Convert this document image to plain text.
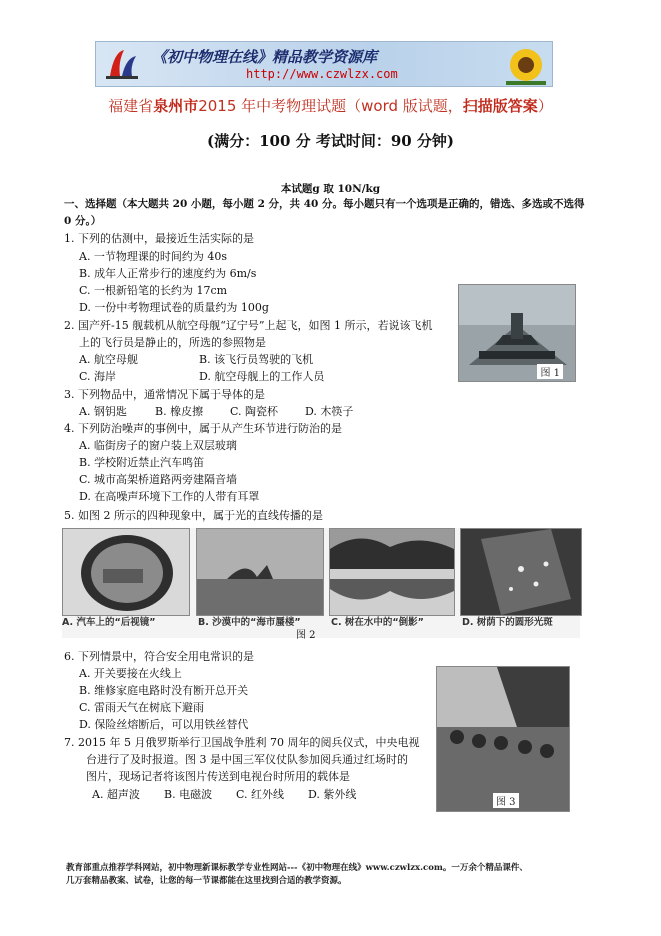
《初中物理在线》精品教学资源库
http://www.czwlzx.com
福建省泉州市2015 年中考物理试题（word 版试题，扫描版答案）
(满分：100 分 考试时间：90 分钟)
本试题g 取 10N/kg
一、选择题（本大题共 20 小题，每小题 2 分，共 40 分。每小题只有一个选项是正确的，错选、多选或不选得 0 分。）
1. 下列的估测中，最接近生活实际的是
A. 一节物理课的时间约为 40s
B. 成年人正常步行的速度约为 6m/s
C. 一根新铅笔的长约为 17cm
D. 一份中考物理试卷的质量约为 100g
2. 国产歼-15 舰载机从航空母舰“辽宁号”上起飞，如图 1 所示，若说该飞机
上的飞行员是静止的，所选的参照物是
A. 航空母舰	B. 该飞行员驾驶的飞机
C. 海岸	D. 航空母舰上的工作人员	图 1
3. 下列物品中，通常情况下属于导体的是
A. 钢钥匙	B. 橡皮擦 C. 陶瓷杯 D. 木筷子
4. 下列防治噪声的事例中，属于从产生环节进行防治的是
A. 临街房子的窗户装上双层玻璃
B. 学校附近禁止汽车鸣笛
C. 城市高架桥道路两旁建隔音墙
D. 在高噪声环境下工作的人带有耳罩
5. 如图 2 所示的四种现象中，属于光的直线传播的是
A. 汽车上的“后视镜”	B. 沙漠中的“海市蜃楼”	C. 树在水中的“倒影”	D. 树荫下的圆形光斑
图 2
6. 下列情景中，符合安全用电常识的是
A. 开关要接在火线上
B. 维修家庭电路时没有断开总开关
C. 雷雨天气在树底下避雨
D. 保险丝熔断后，可以用铁丝替代
图 3
7. 2015 年 5 月俄罗斯举行卫国战争胜利 70 周年的阅兵仪式，中央电视
台进行了及时报道。图 3 是中国三军仪仗队参加阅兵通过红场时的
图片，现场记者将该图片传送到电视台时所用的载体是
A. 超声波 B. 电磁波 C. 红外线 D. 紫外线
教育部重点推荐学科网站，初中物理新课标教学专业性网站---《初中物理在线》www.czwlzx.com。一万余个精品课件、
几万套精品教案、试卷，让您的每一节课都能在这里找到合适的教学资源。
